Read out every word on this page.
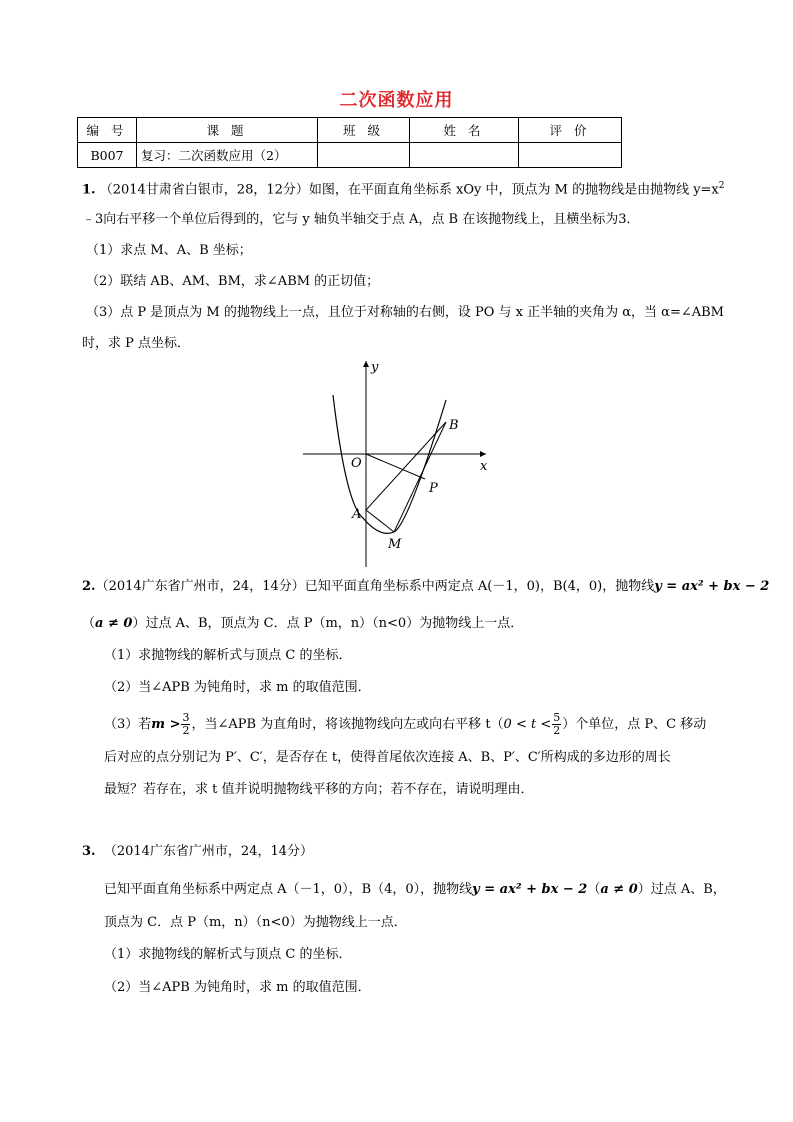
二次函数应用
编 号	课 题	班 级	姓 名	评 价
B007	复习：二次函数应用（2）			
1. （2014甘肃省白银市，28，12分）如图，在平面直角坐标系 xOy 中，顶点为 M 的抛物线是由抛物线 $y=x^2$
﹣3向右平移一个单位后得到的，它与 y 轴负半轴交于点 A，点 B 在该抛物线上，且横坐标为3．
（1）求点 M、A、B 坐标；
（2）联结 AB、AM、BM，求∠ABM 的正切值；
（3）点 P 是顶点为 M 的抛物线上一点，且位于对称轴的右侧，设 PO 与 x 正半轴的夹角为 α，当 α=∠ABM
时，求 P 点坐标．
y
x
O
A
B
M
P
2.（2014广东省广州市，24，14分）已知平面直角坐标系中两定点 A(－1，0)，B(4，0)，抛物线y = ax² + bx − 2
（a ≠ 0）过点 A、B，顶点为 C．点 P（m，n）（n<0）为抛物线上一点．
（1）求抛物线的解析式与顶点 C 的坐标．
（2）当∠APB 为钝角时，求 m 的取值范围．
（3）若$m > \frac{3}{2}$ ，当∠APB 为直角时，将该抛物线向左或向右平移 $t(0 < t < \frac{5}{2}$ ）个单位，点 P、C 移动
后对应的点分别记为 P′、C′，是否存在 t，使得首尾依次连接 A、B、P′、C′所构成的多边形的周长
最短？若存在，求 t 值并说明抛物线平移的方向；若不存在，请说明理由．
3. （2014广东省广州市，24，14分）
已知平面直角坐标系中两定点 A（－1，0），B（4，0），抛物线y = ax² + bx − 2（a ≠ 0）过点 A、B，
顶点为 C．点 P（m，n）（n<0）为抛物线上一点．
（1）求抛物线的解析式与顶点 C 的坐标．
（2）当∠APB 为钝角时，求 m 的取值范围．
